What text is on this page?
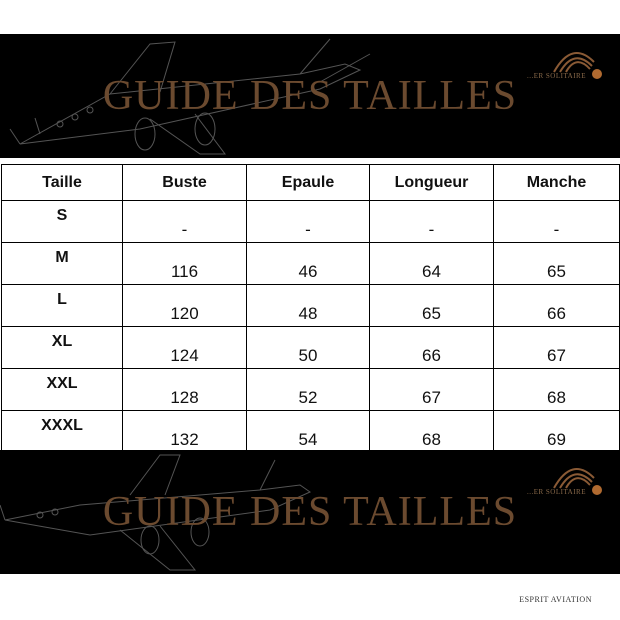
GUIDE DES TAILLES	...ER SOLITAIRE
Taille	Buste	Epaule	Longueur	Manche
S	-	-	-	-
M	116	46	64	65
L	120	48	65	66
XL	124	50	66	67
XXL	128	52	67	68
XXXL	132	54	68	69

GUIDE DES TAILLES	...ER SOLITAIRE
ESPRIT AVIATION
